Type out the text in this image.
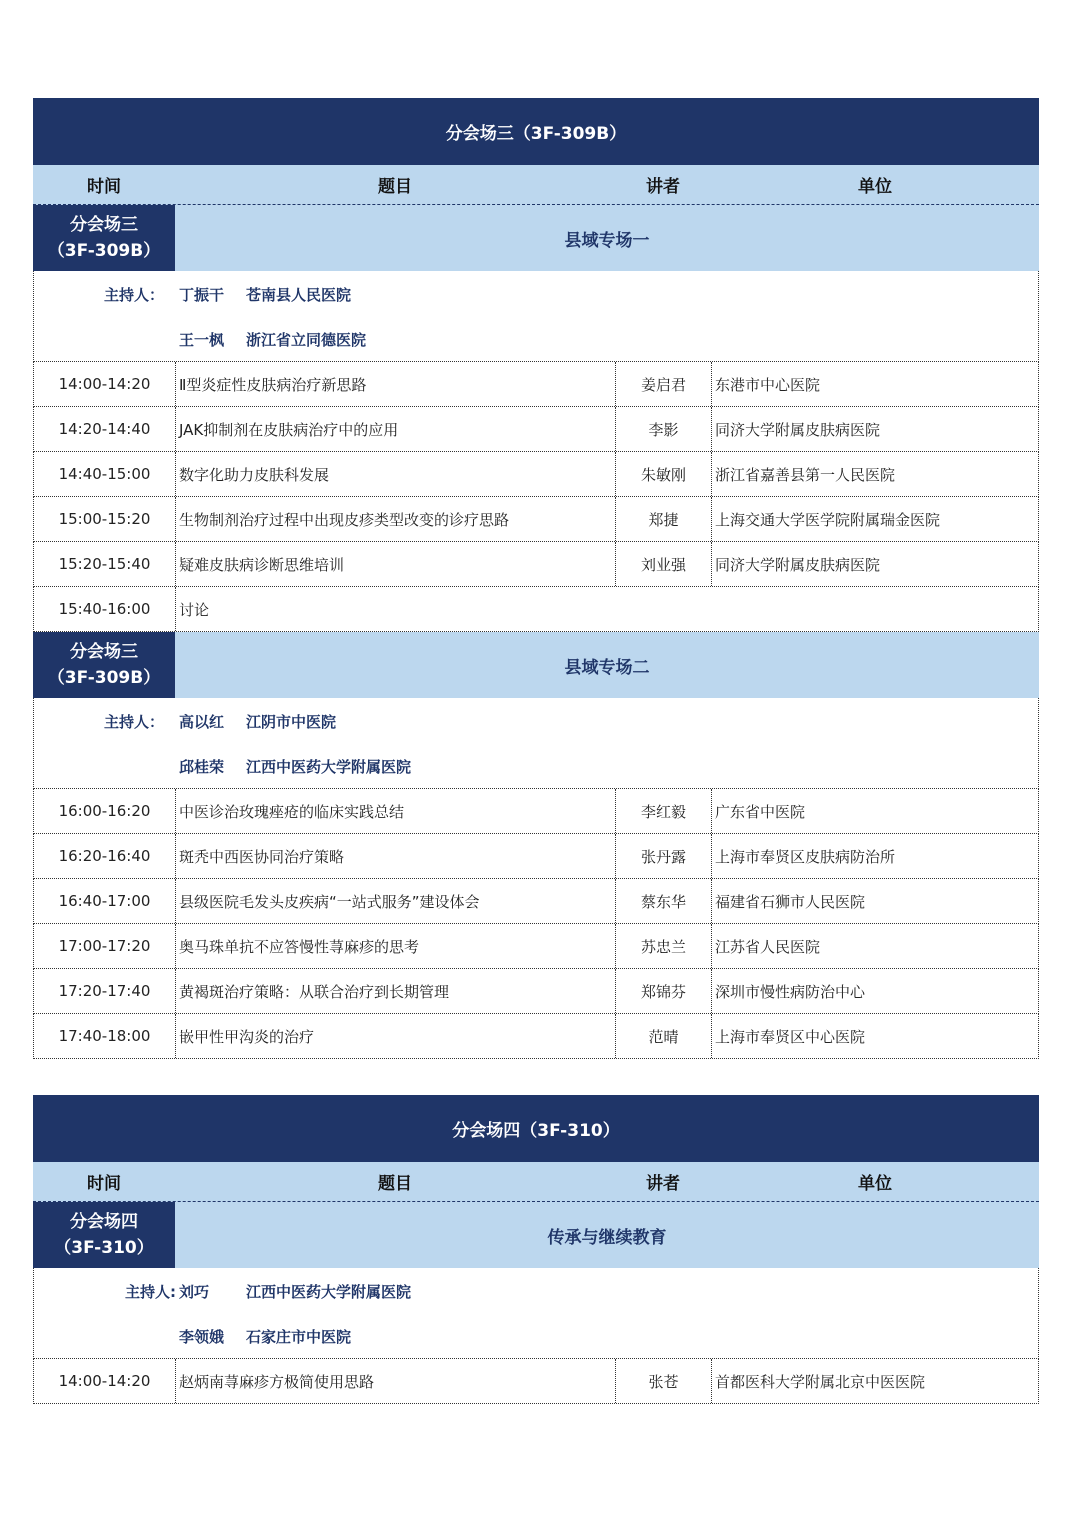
分会场三（3F-309B）
时间	题目	讲者	单位
分会场三
（3F-309B）
县域专场一
主持人： 丁振干	苍南县人民医院
王一枫	浙江省立同德医院
14:00-14:20	Ⅱ型炎症性皮肤病治疗新思路	姜启君	东港市中心医院
14:20-14:40	JAK抑制剂在皮肤病治疗中的应用	李影	同济大学附属皮肤病医院
14:40-15:00	数字化助力皮肤科发展	朱敏刚	浙江省嘉善县第一人民医院
15:00-15:20	生物制剂治疗过程中出现皮疹类型改变的诊疗思路	郑捷	上海交通大学医学院附属瑞金医院
15:20-15:40	疑难皮肤病诊断思维培训	刘业强	同济大学附属皮肤病医院
15:40-16:00	讨论
分会场三
（3F-309B）
县域专场二
主持人： 高以红	江阴市中医院
邱桂荣	江西中医药大学附属医院
16:00-16:20	中医诊治玫瑰痤疮的临床实践总结	李红毅	广东省中医院
16:20-16:40	斑秃中西医协同治疗策略	张丹露	上海市奉贤区皮肤病防治所
16:40-17:00	县级医院毛发头皮疾病“一站式服务”建设体会	蔡东华	福建省石狮市人民医院
17:00-17:20	奥马珠单抗不应答慢性荨麻疹的思考	苏忠兰	江苏省人民医院
17:20-17:40	黄褐斑治疗策略：从联合治疗到长期管理	郑锦芬	深圳市慢性病防治中心
17:40-18:00	嵌甲性甲沟炎的治疗	范晴	上海市奉贤区中心医院
分会场四（3F-310）
时间	题目	讲者	单位
分会场四
（3F-310）
传承与继续教育
主持人: 刘巧	江西中医药大学附属医院
李领娥	石家庄市中医院
14:00-14:20	赵炳南荨麻疹方极简使用思路	张苍	首都医科大学附属北京中医医院
